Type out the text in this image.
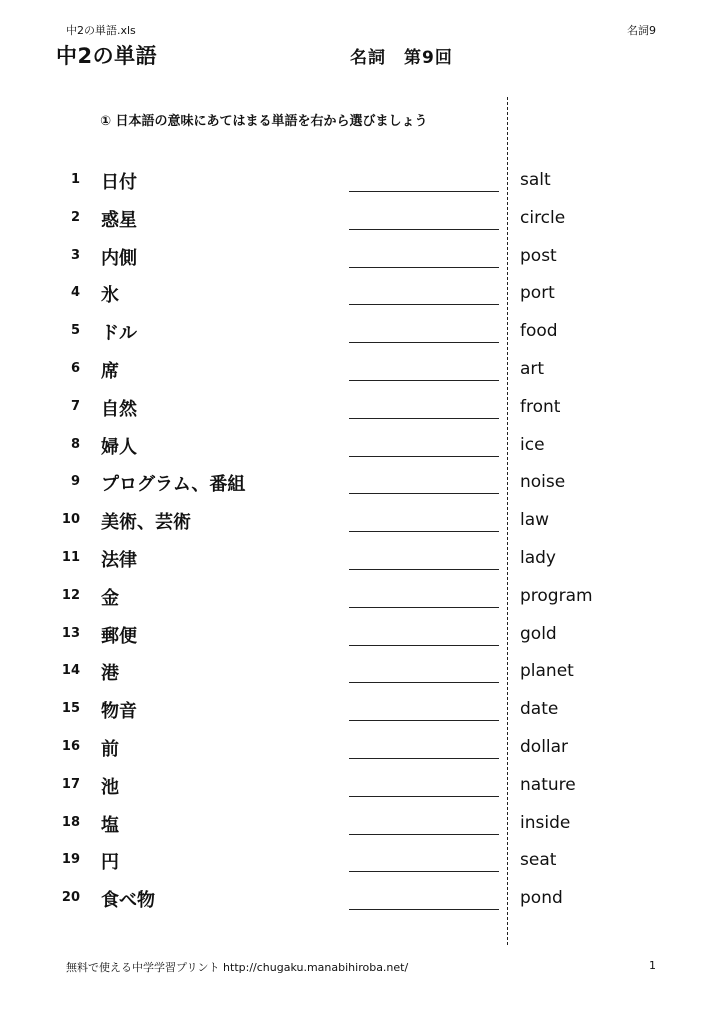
中2の単語.xls	名詞9
中2の単語	名詞　第9回
① 日本語の意味にあてはまる単語を右から選びましょう
1 日付	salt
2 惑星	circle
3 内側	post
4 氷	port
5 ドル	food
6 席	art
7 自然	front
8 婦人	ice
9 プログラム、番組	noise
10 美術、芸術	law
11 法律	lady
12 金	program
13 郵便	gold
14 港	planet
15 物音	date
16 前	dollar
17 池	nature
18 塩	inside
19 円	seat
20 食べ物	pond
無料で使える中学学習プリント http://chugaku.manabihiroba.net/	1
